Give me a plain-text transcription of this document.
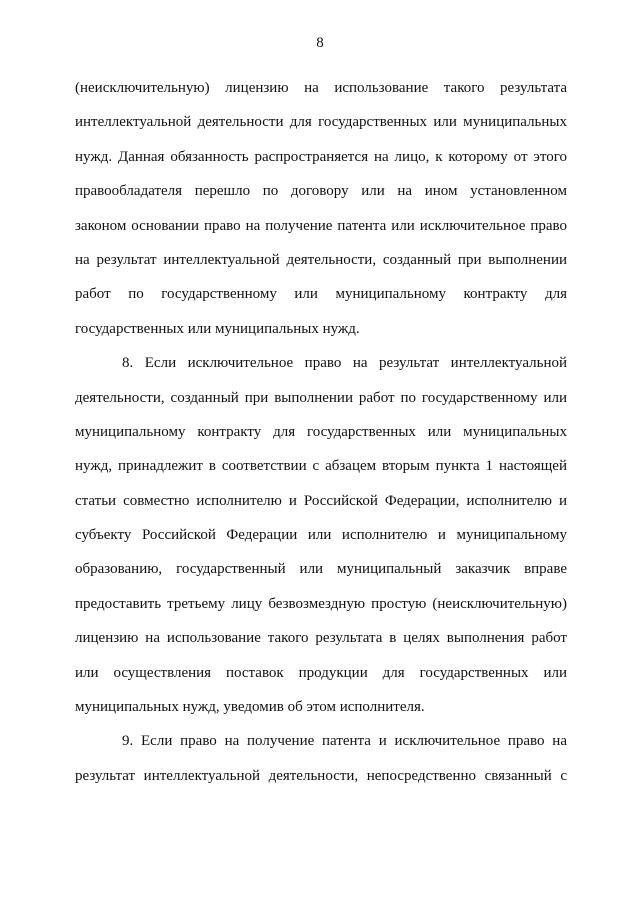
8
(неисключительную) лицензию на использование такого результата
интеллектуальной деятельности для государственных или муниципальных
нужд. Данная обязанность распространяется на лицо, к которому от этого
правообладателя перешло по договору или на ином установленном
законом основании право на получение патента или исключительное право
на результат интеллектуальной деятельности, созданный при выполнении
работ по государственному или муниципальному контракту для
государственных или муниципальных нужд.
8. Если исключительное право на результат интеллектуальной
деятельности, созданный при выполнении работ по государственному или
муниципальному контракту для государственных или муниципальных
нужд, принадлежит в соответствии с абзацем вторым пункта 1 настоящей
статьи совместно исполнителю и Российской Федерации, исполнителю и
субъекту Российской Федерации или исполнителю и муниципальному
образованию, государственный или муниципальный заказчик вправе
предоставить третьему лицу безвозмездную простую (неисключительную)
лицензию на использование такого результата в целях выполнения работ
или осуществления поставок продукции для государственных или
муниципальных нужд, уведомив об этом исполнителя.
9. Если право на получение патента и исключительное право на
результат интеллектуальной деятельности, непосредственно связанный с
